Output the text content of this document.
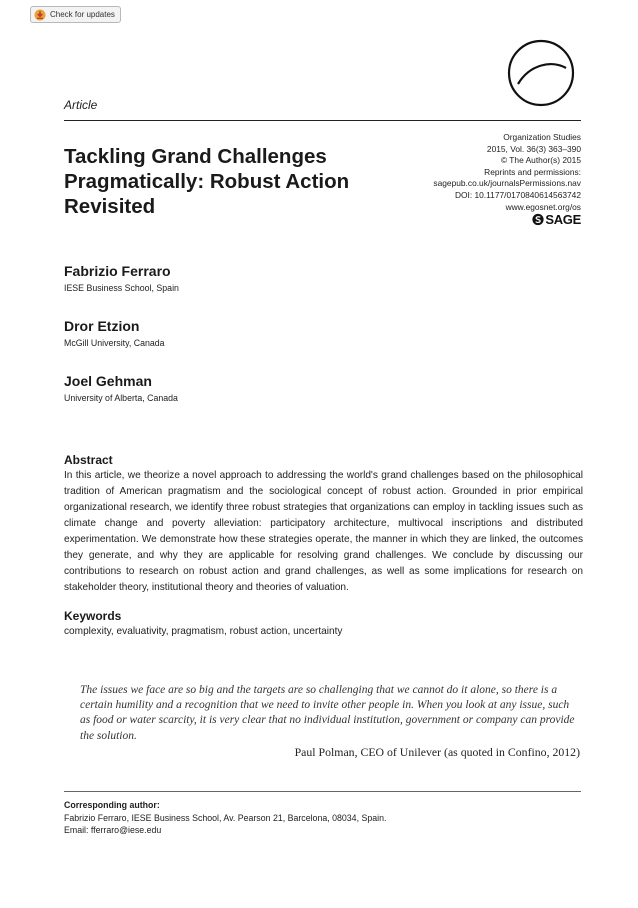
Check for updates
Article
Tackling Grand Challenges Pragmatically: Robust Action Revisited
Organization Studies
2015, Vol. 36(3) 363–390
© The Author(s) 2015
Reprints and permissions:
sagepub.co.uk/journalsPermissions.nav
DOI: 10.1177/0170840614563742
www.egosnet.org/os
SAGE
Fabrizio Ferraro
IESE Business School, Spain
Dror Etzion
McGill University, Canada
Joel Gehman
University of Alberta, Canada
Abstract

In this article, we theorize a novel approach to addressing the world's grand challenges based on the philosophical tradition of American pragmatism and the sociological concept of robust action. Grounded in prior empirical organizational research, we identify three robust strategies that organizations can employ in tackling issues such as climate change and poverty alleviation: participatory architecture, multivocal inscriptions and distributed experimentation. We demonstrate how these strategies operate, the manner in which they are linked, the outcomes they generate, and why they are applicable for resolving grand challenges. We conclude by discussing our contributions to research on robust action and grand challenges, as well as some implications for research on stakeholder theory, institutional theory and theories of valuation.

Keywords

complexity, evaluativity, pragmatism, robust action, uncertainty

The issues we face are so big and the targets are so challenging that we cannot do it alone, so there is a certain humility and a recognition that we need to invite other people in. When you look at any issue, such as food or water scarcity, it is very clear that no individual institution, government or company can provide the solution.

Paul Polman, CEO of Unilever (as quoted in Confino, 2012)

Corresponding author:
Fabrizio Ferraro, IESE Business School, Av. Pearson 21, Barcelona, 08034, Spain.
Email: fferraro@iese.edu
